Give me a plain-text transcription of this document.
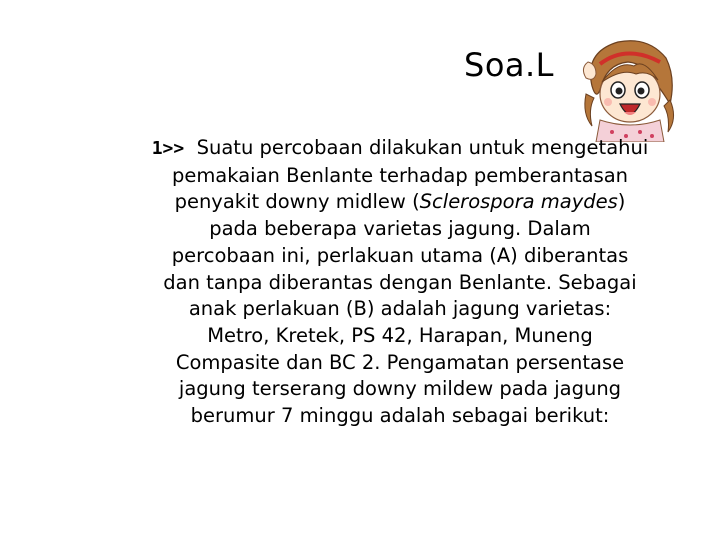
Soa.L
1>> Suatu percobaan dilakukan untuk mengetahui
pemakaian Benlante terhadap pemberantasan
penyakit downy midlew (Sclerospora maydes)
pada beberapa varietas jagung. Dalam
percobaan ini, perlakuan utama (A) diberantas
dan tanpa diberantas dengan Benlante. Sebagai
anak perlakuan (B) adalah jagung varietas:
Metro, Kretek, PS 42, Harapan, Muneng
Compasite dan BC 2. Pengamatan persentase
jagung terserang downy mildew pada jagung
berumur 7 minggu adalah sebagai berikut:
